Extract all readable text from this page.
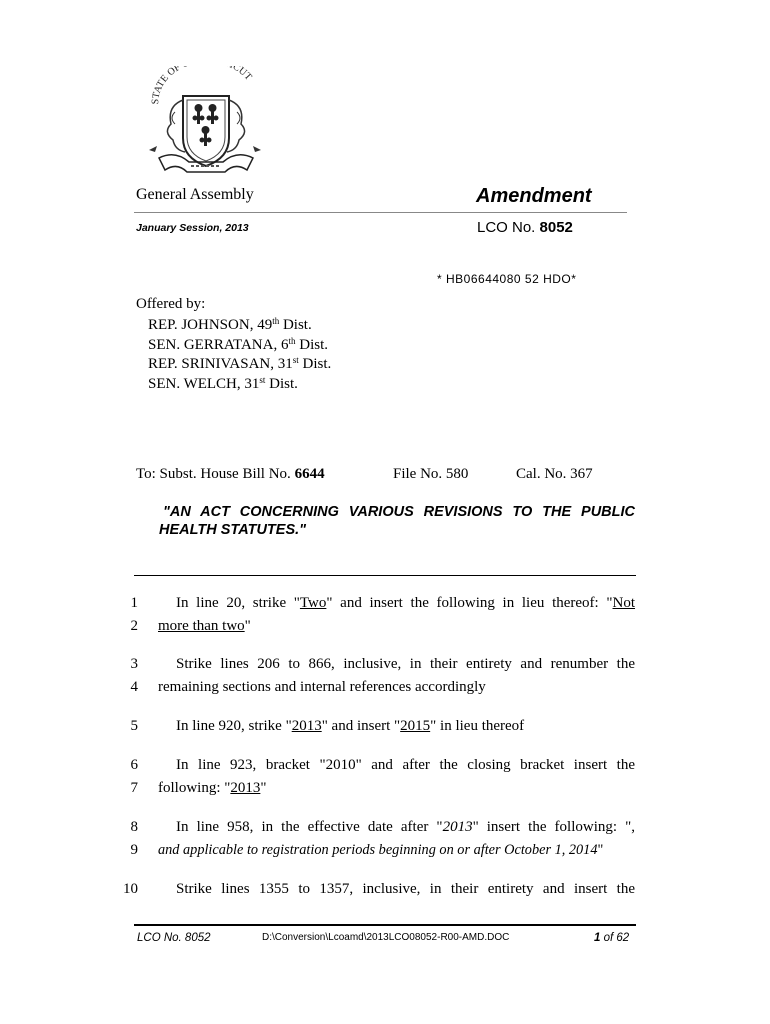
STATE OF CUT
General Assembly	Amendment
January Session, 2013	LCO No. 8052
* HB06644080 52 HDO*
Offered by:
REP. JOHNSON, 49th Dist.
SEN. GERRATANA, 6th Dist.
REP. SRINIVASAN, 31st Dist.
SEN. WELCH, 31st Dist.
To: Subst. House Bill No. 6644	File No. 580	Cal. No. 367
"AN ACT CONCERNING VARIOUS REVISIONS TO THE PUBLIC
HEALTH STATUTES."
1	In line 20, strike "Two" and insert the following in lieu thereof: "Not
2 more than two"
3	Strike lines 206 to 866, inclusive, in their entirety and renumber the
4 remaining sections and internal references accordingly
5	In line 920, strike "2013" and insert "2015" in lieu thereof
6	In line 923, bracket "2010" and after the closing bracket insert the
7 following: "2013"
8	In line 958, in the effective date after "2013" insert the following: ",
9 and applicable to registration periods beginning on or after October 1, 2014"
10	Strike lines 1355 to 1357, inclusive, in their entirety and insert the
LCO No. 8052	D:\Conversion\Lcoamd\2013LCO08052-R00-AMD.DOC	1 of 62
